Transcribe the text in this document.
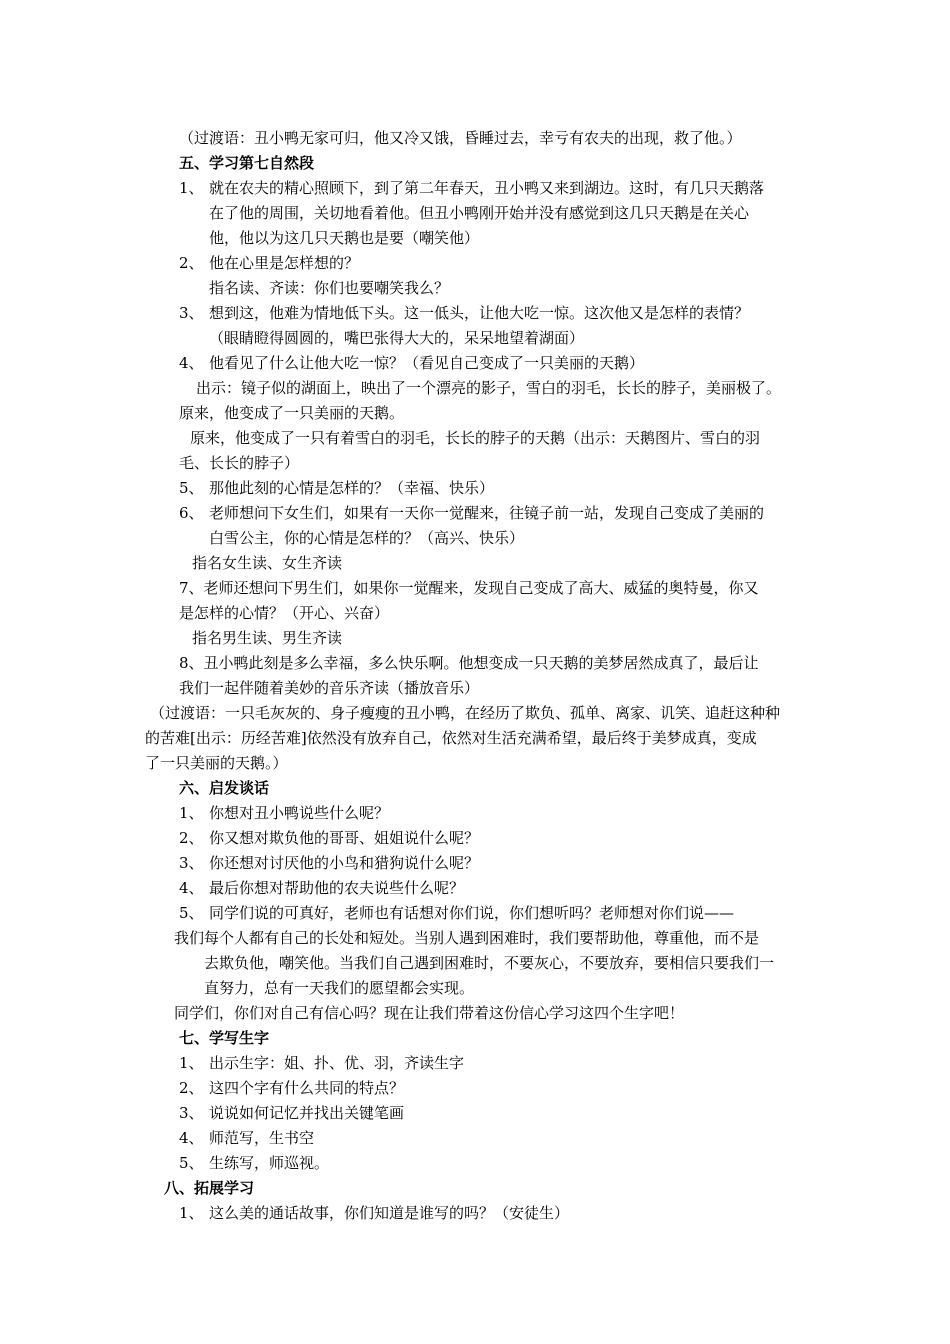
（过渡语：丑小鸭无家可归，他又冷又饿，昏睡过去，幸亏有农夫的出现，救了他。）
五、学习第七自然段
1、 就在农夫的精心照顾下，到了第二年春天，丑小鸭又来到湖边。这时，有几只天鹅落
在了他的周围，关切地看着他。但丑小鸭刚开始并没有感觉到这几只天鹅是在关心
他，他以为这几只天鹅也是要（嘲笑他）
2、 他在心里是怎样想的？
指名读、齐读：你们也要嘲笑我么？
3、 想到这，他难为情地低下头。这一低头，让他大吃一惊。这次他又是怎样的表情？
（眼睛瞪得圆圆的，嘴巴张得大大的，呆呆地望着湖面）
4、 他看见了什么让他大吃一惊？（看见自己变成了一只美丽的天鹅）
出示：镜子似的湖面上，映出了一个漂亮的影子，雪白的羽毛，长长的脖子，美丽极了。
原来，他变成了一只美丽的天鹅。
原来，他变成了一只有着雪白的羽毛，长长的脖子的天鹅（出示：天鹅图片、雪白的羽
毛、长长的脖子）
5、 那他此刻的心情是怎样的？（幸福、快乐）
6、 老师想问下女生们，如果有一天你一觉醒来，往镜子前一站，发现自己变成了美丽的
白雪公主，你的心情是怎样的？（高兴、快乐）
指名女生读、女生齐读
7、老师还想问下男生们，如果你一觉醒来，发现自己变成了高大、威猛的奥特曼，你又
是怎样的心情？（开心、兴奋）
指名男生读、男生齐读
8、丑小鸭此刻是多么幸福，多么快乐啊。他想变成一只天鹅的美梦居然成真了，最后让
我们一起伴随着美妙的音乐齐读（播放音乐）
（过渡语：一只毛灰灰的、身子瘦瘦的丑小鸭，在经历了欺负、孤单、离家、讥笑、追赶这种种
的苦难[出示：历经苦难]依然没有放弃自己，依然对生活充满希望，最后终于美梦成真，变成
了一只美丽的天鹅。）
六、启发谈话
1、 你想对丑小鸭说些什么呢？
2、 你又想对欺负他的哥哥、姐姐说什么呢？
3、 你还想对讨厌他的小鸟和猎狗说什么呢？
4、 最后你想对帮助他的农夫说些什么呢？
5、 同学们说的可真好，老师也有话想对你们说，你们想听吗？老师想对你们说——
我们每个人都有自己的长处和短处。当别人遇到困难时，我们要帮助他，尊重他，而不是
去欺负他，嘲笑他。当我们自己遇到困难时，不要灰心，不要放弃，要相信只要我们一
直努力，总有一天我们的愿望都会实现。
同学们，你们对自己有信心吗？现在让我们带着这份信心学习这四个生字吧！
七、学写生字
1、 出示生字：姐、扑、优、羽，齐读生字
2、 这四个字有什么共同的特点？
3、 说说如何记忆并找出关键笔画
4、 师范写，生书空
5、 生练写，师巡视。
八、拓展学习
1、 这么美的通话故事，你们知道是谁写的吗？（安徒生）
